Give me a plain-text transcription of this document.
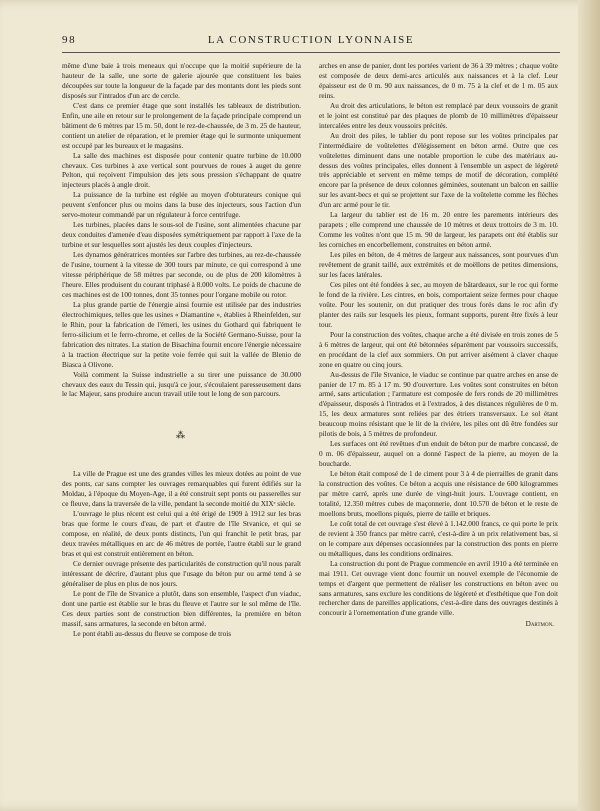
98	LA CONSTRUCTION LYONNAISE

même d'une baie à trois meneaux qui n'occupe que la moitié supérieure de la hauteur de la salle, une sorte de galerie ajourée que constituent les baies découpées sur toute la longueur de la façade par des montants dont les pieds sont disposés sur l'intrados d'un arc de cercle.

C'est dans ce premier étage que sont installés les tableaux de distribution. Enfin, une aile en retour sur le prolongement de la façade principale comprend un bâtiment de 6 mètres par 15 m. 50, dont le rez-de-chaussée, de 3 m. 25 de hauteur, contient un atelier de réparation, et le premier étage qui le surmonte uniquement est occupé par les bureaux et le magasins.

La salle des machines est disposée pour contenir quatre turbine de 10.000 chevaux. Ces turbines à axe vertical sont pourvues de roues à auget du genre Pelton, qui reçoivent l'impulsion des jets sous pression s'échappant de quatre injecteurs placés à angle droit.

La puissance de la turbine est réglée au moyen d'obturateurs conique qui peuvent s'enfoncer plus ou moins dans la buse des injecteurs, sous l'action d'un servo-moteur commandé par un régulateur à force centrifuge.

Les turbines, placées dans le sous-sol de l'usine, sont alimentées chacune par deux conduites d'amenée d'eau disposées symétriquement par rapport à l'axe de la turbine et sur lesquelles sont ajustés les deux couples d'injecteurs.

Les dynamos génératrices montées sur l'arbre des turbines, au rez-de-chaussée de l'usine, tournent à la vitesse de 300 tours par minute, ce qui correspond à une vitesse périphérique de 58 mètres par seconde, ou de plus de 200 kilomètres à l'heure. Elles produisent du courant triphasé à 8.000 volts. Le poids de chacune de ces machines est de 100 tonnes, dont 35 tonnes pour l'organe mobile ou rotor.

La plus grande partie de l'énergie ainsi fournie est utilisée par des industries électrochimiques, telles que les usines « Diamantine », établies à Rheinfelden, sur le Rhin, pour la fabrication de l'émeri, les usines du Gothard qui fabriquent le ferro-silicium et le ferro-chrome, et celles de la Société Germano-Suisse, pour la fabrication des nitrates. La station de Bisachina fournit encore l'énergie nécessaire à la traction électrique sur la petite voie ferrée qui suit la vallée de Blenio de Biasca à Olivone.

Voilà comment la Suisse industrielle a su tirer une puissance de 30.000 chevaux des eaux du Tessin qui, jusqu'à ce jour, s'écoulaient paresseusement dans le lac Majeur, sans produire aucun travail utile tout le long de son parcours.

⁂

La ville de Prague est une des grandes villes les mieux dotées au point de vue des ponts, car sans compter les ouvrages remarquables qui furent édifiés sur la Moldau, à l'époque du Moyen-Age, il a été construit sept ponts ou passerelles sur ce fleuve, dans la traversée de la ville, pendant la seconde moitié du XIXᵉ siècle.

L'ouvrage le plus récent est celui qui a été érigé de 1909 à 1912 sur les bras bras que forme le cours d'eau, de part et d'autre de l'île Stvanice, et qui se compose, en réalité, de deux ponts distincts, l'un qui franchit le petit bras, par deux travées métalliques en arc de 46 mètres de portée, l'autre établi sur le grand bras et qui est construit entièrement en béton.

Ce dernier ouvrage présente des particularités de construction qu'il nous paraît intéressant de décrire, d'autant plus que l'usage du béton pur ou armé tend à se généraliser de plus en plus de nos jours.

Le pont de l'île de Stvanice a plutôt, dans son ensemble, l'aspect d'un viaduc, dont une partie est établie sur le bras du fleuve et l'autre sur le sol même de l'île. Ces deux parties sont de construction bien différentes, la première en béton massif, sans armatures, la seconde en béton armé.

Le pont établi au-dessus du fleuve se compose de trois

arches en anse de panier, dont les portées varient de 36 à 39 mètres ; chaque voûte est composée de deux demi-arcs articulés aux naissances et à la clef. Leur épaisseur est de 0 m. 90 aux naissances, de 0 m. 75 à la clef et de 1 m. 05 aux reins.

Au droit des articulations, le béton est remplacé par deux voussoirs de granit et le joint est constitué par des plaques de plomb de 10 millimètres d'épaisseur intercalées entre les deux voussoirs précités.

Au droit des piles, le tablier du pont repose sur les voûtes principales par l'intermédiaire de voûtelettes d'élégissement en béton armé. Outre que ces voûtelettes diminuent dans une notable proportion le cube des matériaux au-dessus des voûtes principales, elles donnent à l'ensemble un aspect de légèreté très appréciable et servent en même temps de motif de décoration, complété encore par la présence de deux colonnes géminées, soutenant un balcon en saillie sur les avant-becs et qui se projettent sur l'axe de la voûtelette comme les flèches d'un arc armé pour le tir.

La largeur du tablier est de 16 m. 20 entre les parements intérieurs des parapets ; elle comprend une chaussée de 10 mètres et deux trottoirs de 3 m. 10. Comme les voûtes n'ont que 15 m. 90 de largeur, les parapets ont été établis sur les corniches en encorbellement, construites en béton armé.

Les piles en béton, de 4 mètres de largeur aux naissances, sont pourvues d'un revêtement de granit taillé, aux extrémités et de moëllons de petites dimensions, sur les faces latérales.

Ces piles ont été fondées à sec, au moyen de bâtardeaux, sur le roc qui forme le fond de la rivière. Les cintres, en bois, comportaient seize fermes pour chaque voûte. Pour les soutenir, on dut pratiquer des trous forés dans le roc afin d'y planter des rails sur lesquels les pieux, formant supports, purent être fixés à leur tour.

Pour la construction des voûtes, chaque arche a été divisée en trois zones de 5 à 6 mètres de largeur, qui ont été bétonnées séparément par voussoirs successifs, en procédant de la clef aux sommiers. On put arriver aisément à claver chaque zone en quatre ou cinq jours.

Au-dessus de l'île Stvanice, le viaduc se continue par quatre arches en anse de panier de 17 m. 85 à 17 m. 90 d'ouverture. Les voûtes sont construites en béton armé, sans articulation ; l'armature est composée de fers ronds de 20 millimètres d'épaisseur, disposés à l'intrados et à l'extrados, à des distances régulières de 0 m. 15, les deux armatures sont reliées par des étriers transversaux. Le sol étant beaucoup moins résistant que le lit de la rivière, les piles ont dû être fondées sur pilotis de bois, à 5 mètres de profondeur.

Les surfaces ont été revêtues d'un enduit de béton pur de marbre concassé, de 0 m. 06 d'épaisseur, auquel on a donné l'aspect de la pierre, au moyen de la boucharde.

Le béton était composé de 1 de ciment pour 3 à 4 de pierrailles de granit dans la construction des voûtes. Ce béton a acquis une résistance de 600 kilogrammes par mètre carré, après une durée de vingt-huit jours. L'ouvrage contient, en totalité, 12.350 mètres cubes de maçonnerie, dont 10.570 de béton et le reste de moellons bruts, moellons piqués, pierre de taille et briques.

Le coût total de cet ouvrage s'est élevé à 1.142.000 francs, ce qui porte le prix de revient à 350 francs par mètre carré, c'est-à-dire à un prix relativement bas, si on le compare aux dépenses occasionnées par la construction des ponts en pierre ou métalliques, dans les conditions ordinaires.

La construction du pont de Prague commencée en avril 1910 a été terminée en mai 1911. Cet ouvrage vient donc fournir un nouvel exemple de l'économie de temps et d'argent que permettent de réaliser les constructions en béton avec ou sans armatures, sans exclure les conditions de légèreté et d'esthétique que l'on doit rechercher dans de pareilles applications, c'est-à-dire dans des ouvrages destinés à concourir à l'ornementation d'une grande ville.

Dartmon.
